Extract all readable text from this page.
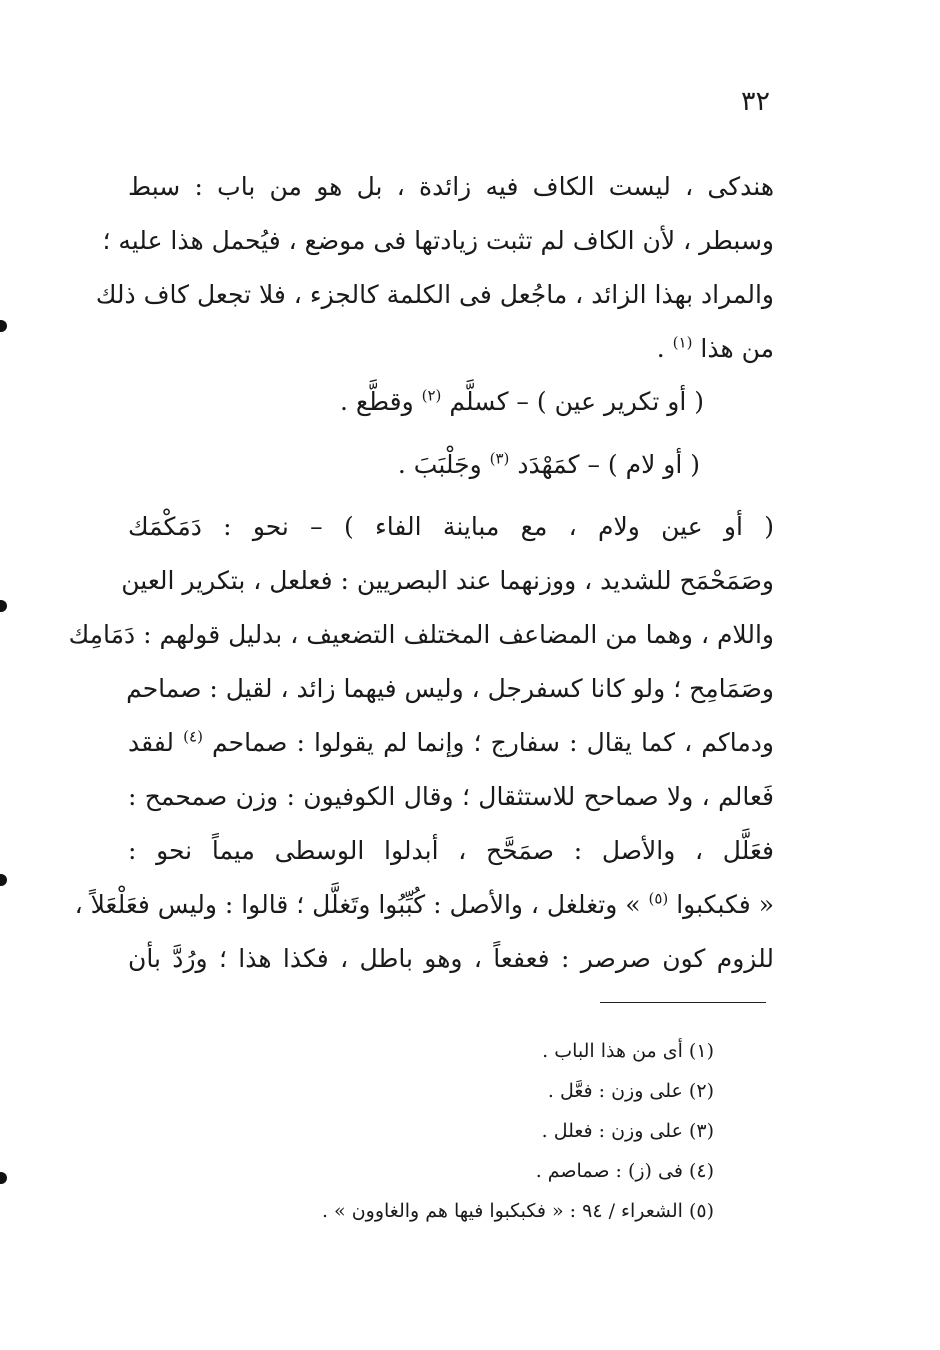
٣٢
هندكى ، ليست الكاف فيه زائدة ، بل هو من باب : سبط
وسبطر ، لأن الكاف لم تثبت زيادتها فى موضع ، فيُحمل هذا عليه ؛
والمراد بهذا الزائد ، ماجُعل فى الكلمة كالجزء ، فلا تجعل كاف ذلك
من هذا $^{(١)}$ .
( أو تكرير عين ) – كسلَّم $^{(٢)}$ وقطَّع .
( أو لام ) – كمَهْدَد $^{(٣)}$ وجَلْبَبَ .
( أو عين ولام ، مع مباينة الفاء ) – نحو : دَمَكْمَك
وصَمَحْمَح للشديد ، ووزنهما عند البصريين : فعلعل ، بتكرير العين
واللام ، وهما من المضاعف المختلف التضعيف ، بدليل قولهم : دَمَامِك
وصَمَامِح ؛ ولو كانا كسفرجل ، وليس فيهما زائد ، لقيل : صماحم
ودماكم ، كما يقال : سفارج ؛ وإنما لم يقولوا : صماحم $^{(٤)}$ لفقد
فَعالم ، ولا صماحح للاستثقال ؛ وقال الكوفيون : وزن صمحمح :
فعَلَّل ، والأصل : صمَحَّح ، أبدلوا الوسطى ميماً نحو :
« فكبكبوا $^{(٥)}$ » وتغلغل ، والأصل : كُبِّبُوا وتَغلَّل ؛ قالوا : وليس فعَلْعَلاً ،
للزوم كون صرصر : فعفعاً ، وهو باطل ، فكذا هذا ؛ ورُدَّ بأن
(١) أى من هذا الباب .
(٢) على وزن : فعَّل .
(٣) على وزن : فعلل .
(٤) فى (ز) : صماصم .
(٥) الشعراء / ٩٤ : « فكبكبوا فيها هم والغاوون » .
